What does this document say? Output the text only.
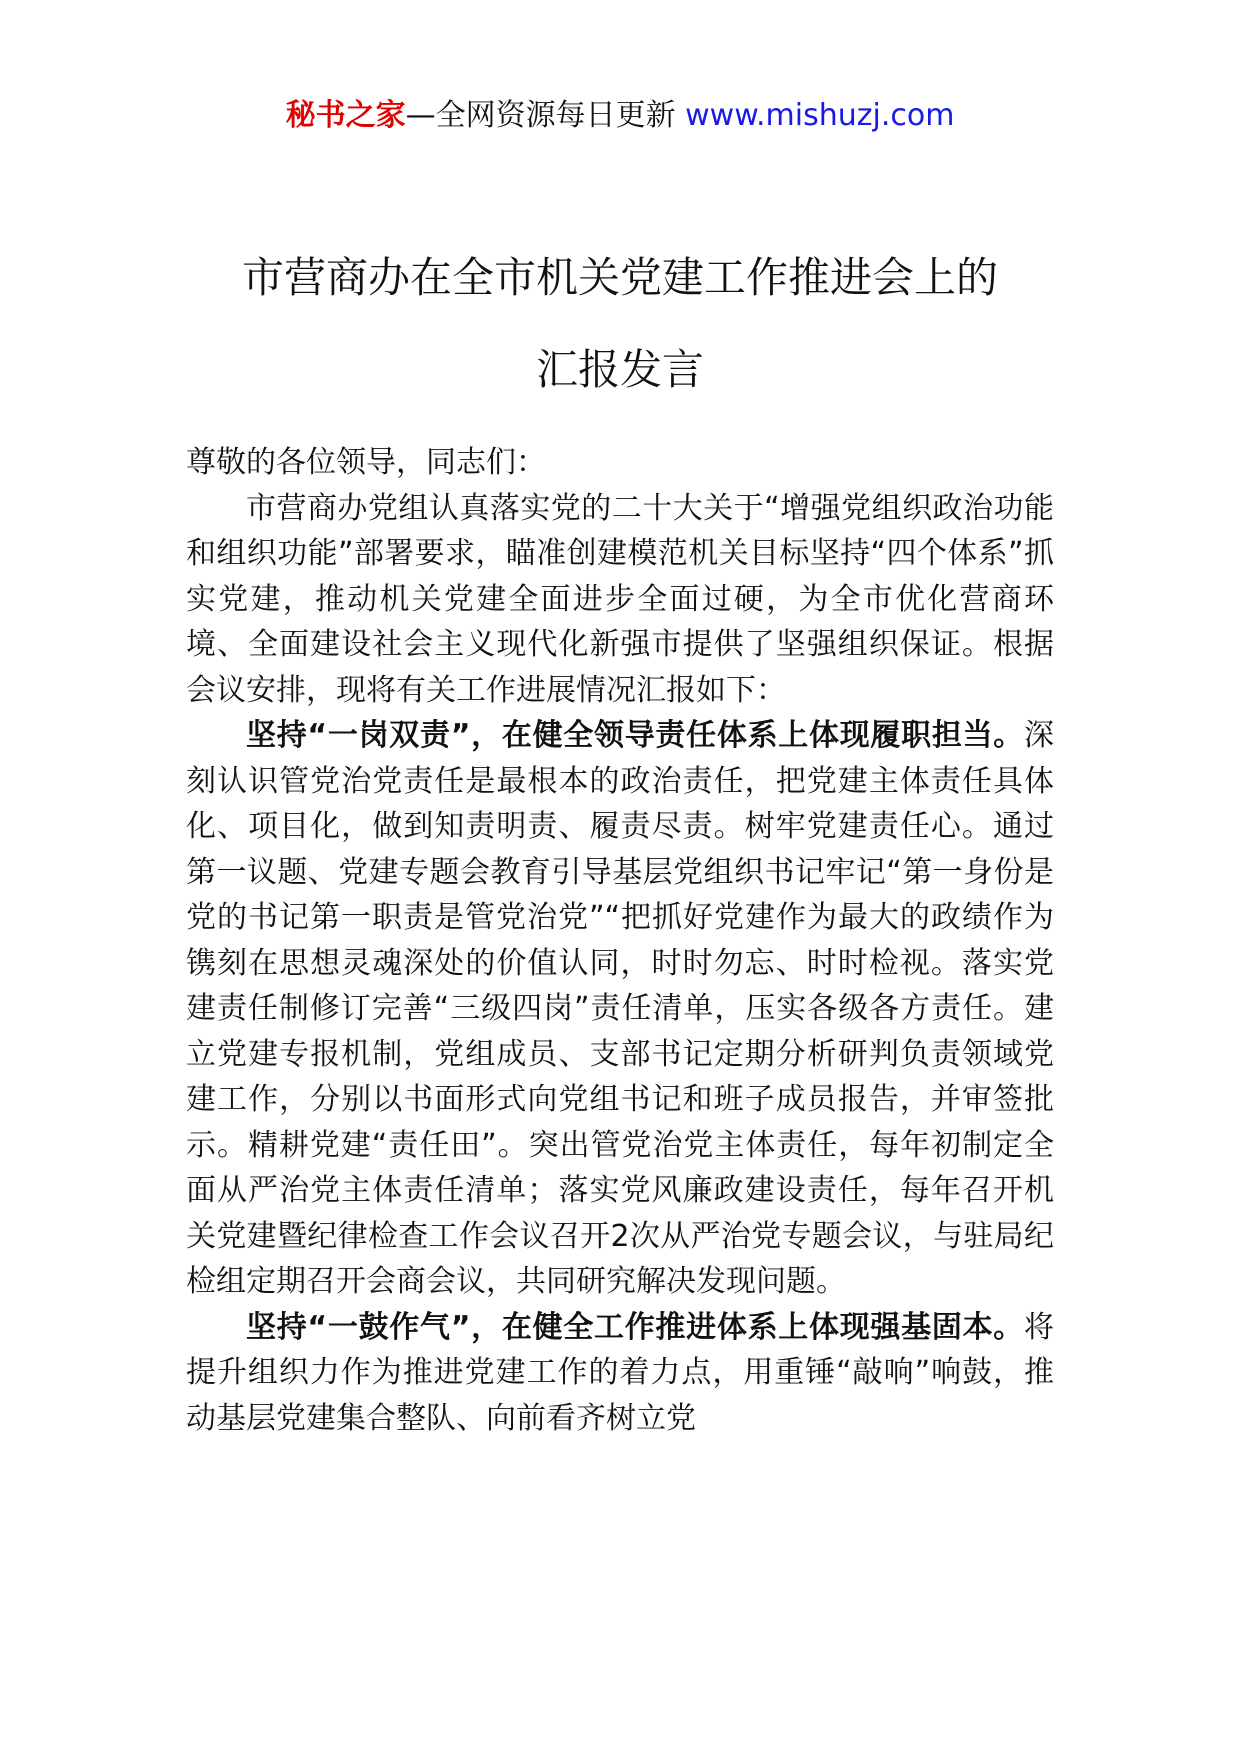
秘书之家—全网资源每日更新 www.mishuzj.com
市营商办在全市机关党建工作推进会上的
汇报发言

尊敬的各位领导，同志们：

市营商办党组认真落实党的二十大关于“增强党组织政治功能和组织功能”部署要求，瞄准创建模范机关目标坚持“四个体系”抓实党建，推动机关党建全面进步全面过硬，为全市优化营商环境、全面建设社会主义现代化新强市提供了坚强组织保证。根据会议安排，现将有关工作进展情况汇报如下：

坚持“一岗双责”，在健全领导责任体系上体现履职担当。深刻认识管党治党责任是最根本的政治责任，把党建主体责任具体化、项目化，做到知责明责、履责尽责。树牢党建责任心。通过第一议题、党建专题会教育引导基层党组织书记牢记“第一身份是党的书记第一职责是管党治党”“把抓好党建作为最大的政绩作为镌刻在思想灵魂深处的价值认同，时时勿忘、时时检视。落实党建责任制修订完善“三级四岗”责任清单，压实各级各方责任。建立党建专报机制，党组成员、支部书记定期分析研判负责领域党建工作，分别以书面形式向党组书记和班子成员报告，并审签批示。精耕党建“责任田”。突出管党治党主体责任，每年初制定全面从严治党主体责任清单；落实党风廉政建设责任，每年召开机关党建暨纪律检查工作会议召开2次从严治党专题会议，与驻局纪检组定期召开会商会议，共同研究解决发现问题。

坚持“一鼓作气”，在健全工作推进体系上体现强基固本。将提升组织力作为推进党建工作的着力点，用重锤“敲响”响鼓，推动基层党建集合整队、向前看齐树立党
